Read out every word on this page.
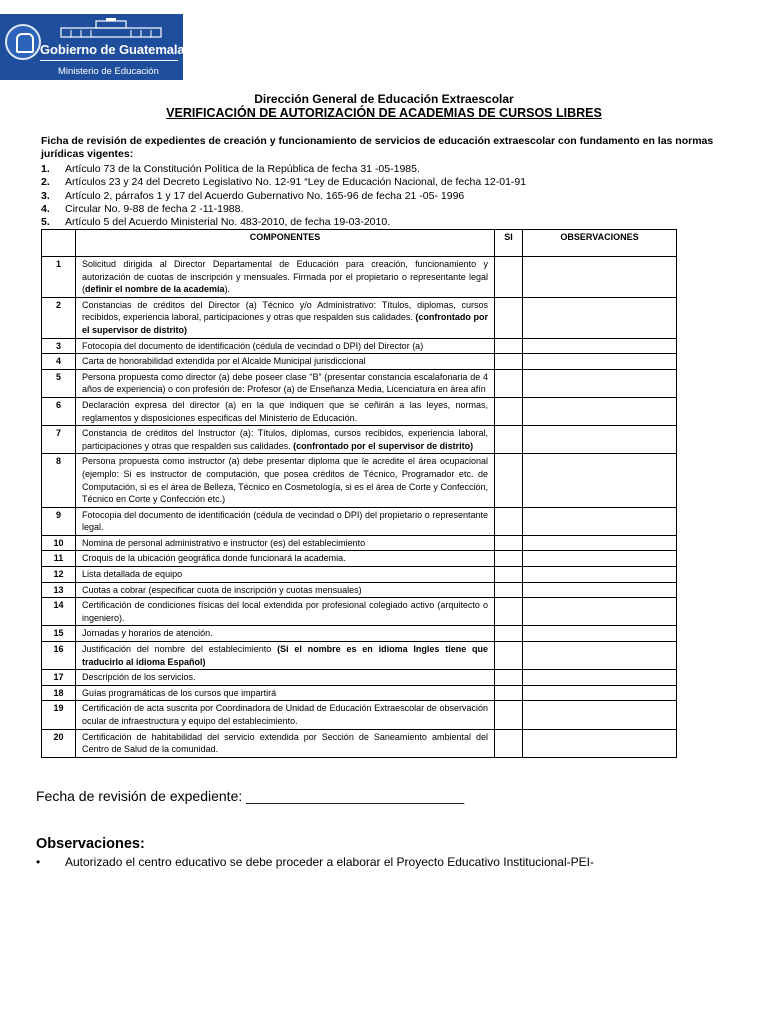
Gobierno de Guatemala
Ministerio de Educación
Dirección General de Educación Extraescolar
VERIFICACIÓN DE AUTORIZACIÓN DE ACADEMIAS DE CURSOS LIBRES
Ficha de revisión de expedientes de creación y funcionamiento de servicios de educación extraescolar con fundamento en las normas jurídicas vigentes:
1. Artículo 73 de la Constitución Política de la República de fecha 31 -05-1985.
2. Artículos 23 y 24 del Decreto Legislativo No. 12-91 “Ley de Educación Nacional, de fecha 12-01-91
3. Artículo 2, párrafos 1 y 17 del Acuerdo Gubernativo No. 165-96 de fecha 21 -05- 1996
4. Circular No. 9-88 de fecha 2 -11-1988.
5. Artículo 5 del Acuerdo Ministerial No. 483-2010, de fecha 19-03-2010.
	COMPONENTES	SI	OBSERVACIONES
1	Solicitud dirigida al Director Departamental de Educación para creación, funcionamiento y autorización de cuotas de inscripción y mensuales. Firmada por el propietario o representante legal (definir el nombre de la academia).		
2	Constancias de créditos del Director (a) Técnico y/o Administrativo: Títulos, diplomas, cursos recibidos, experiencia laboral, participaciones y otras que respalden sus calidades. (confrontado por el supervisor de distrito)		
3	Fotocopia del documento de identificación (cédula de vecindad o DPI) del Director (a)		
4	Carta de honorabilidad extendida por el Alcalde Municipal jurisdiccional		
5	Persona propuesta como director (a) debe poseer clase “B” (presentar constancia escalafonaria de 4 años de experiencia) o con profesión de: Profesor (a) de Enseñanza Media, Licenciatura en área afín		
6	Declaración expresa del director (a) en la que indiquen que se ceñirán a las leyes, normas, reglamentos y disposiciones especificas del Ministerio de Educación.		
7	Constancia de créditos del Instructor (a): Títulos, diplomas, cursos recibidos, experiencia laboral, participaciones y otras que respalden sus calidades. (confrontado por el supervisor de distrito)		
8	Persona propuesta como instructor (a) debe presentar diploma que le acredite el área ocupacional (ejemplo: Si es instructor de computación, que posea créditos de Técnico, Programador etc. de Computación, si es el área de Belleza, Técnico en Cosmetología, si es el área de Corte y Confección, Técnico en Corte y Confección etc.)		
9	Fotocopia del documento de identificación (cédula de vecindad o DPI) del propietario o representante legal.		
10	Nomina de personal administrativo e instructor (es) del establecimiento		
11	Croquis de la ubicación geográfica donde funcionará la academia.		
12	Lista detallada de equipo		
13	Cuotas a cobrar (especificar cuota de inscripción y cuotas mensuales)		
14	Certificación de condiciones físicas del local extendida por profesional colegiado activo (arquitecto o ingeniero).		
15	Jornadas y horarios de atención.		
16	Justificación del nombre del establecimiento (Si el nombre es en idioma Ingles tiene que traducirlo al idioma Español)		
17	Descripción de los servicios.		
18	Guías programáticas de los cursos que impartirá		
19	Certificación de acta suscrita por Coordinadora de Unidad de Educación Extraescolar de observación ocular de infraestructura y equipo del establecimiento.		
20	Certificación de habitabilidad del servicio extendida por Sección de Saneamiento ambiental del Centro de Salud de la comunidad.		
Fecha de revisión de expediente: ____________________________
Observaciones:
• Autorizado el centro educativo se debe proceder a elaborar el Proyecto Educativo Institucional-PEI-
